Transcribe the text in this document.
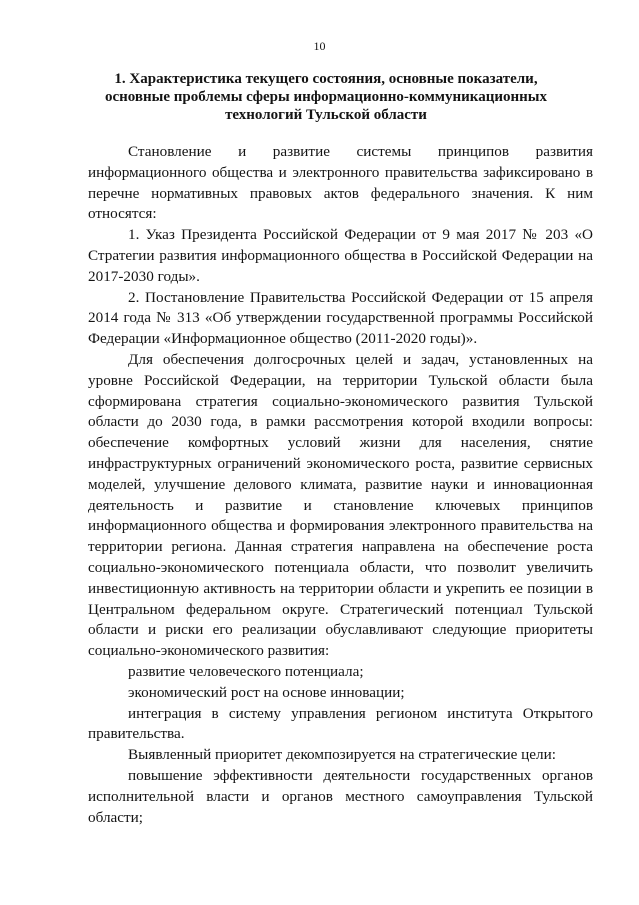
10
1. Характеристика текущего состояния, основные показатели,
основные проблемы сферы информационно-коммуникационных
технологий Тульской области

Становление и развитие системы принципов развития информационного общества и электронного правительства зафиксировано в перечне нормативных правовых актов федерального значения. К ним относятся:

1. Указ Президента Российской Федерации от 9 мая 2017 № 203 «О Стратегии развития информационного общества в Российской Федерации на 2017-2030 годы».

2. Постановление Правительства Российской Федерации от 15 апреля 2014 года № 313 «Об утверждении государственной программы Российской Федерации «Информационное общество (2011-2020 годы)».

Для обеспечения долгосрочных целей и задач, установленных на уровне Российской Федерации, на территории Тульской области была сформирована стратегия социально-экономического развития Тульской области до 2030 года, в рамки рассмотрения которой входили вопросы: обеспечение комфортных условий жизни для населения, снятие инфраструктурных ограничений экономического роста, развитие сервисных моделей, улучшение делового климата, развитие науки и инновационная деятельность и развитие и становление ключевых принципов информационного общества и формирования электронного правительства на территории региона. Данная стратегия направлена на обеспечение роста социально-экономического потенциала области, что позволит увеличить инвестиционную активность на территории области и укрепить ее позиции в Центральном федеральном округе. Стратегический потенциал Тульской области и риски его реализации обуславливают следующие приоритеты социально-экономического развития:

развитие человеческого потенциала;

экономический рост на основе инновации;

интеграция в систему управления регионом института Открытого правительства.

Выявленный приоритет декомпозируется на стратегические цели:

повышение эффективности деятельности государственных органов исполнительной власти и органов местного самоуправления Тульской области;
